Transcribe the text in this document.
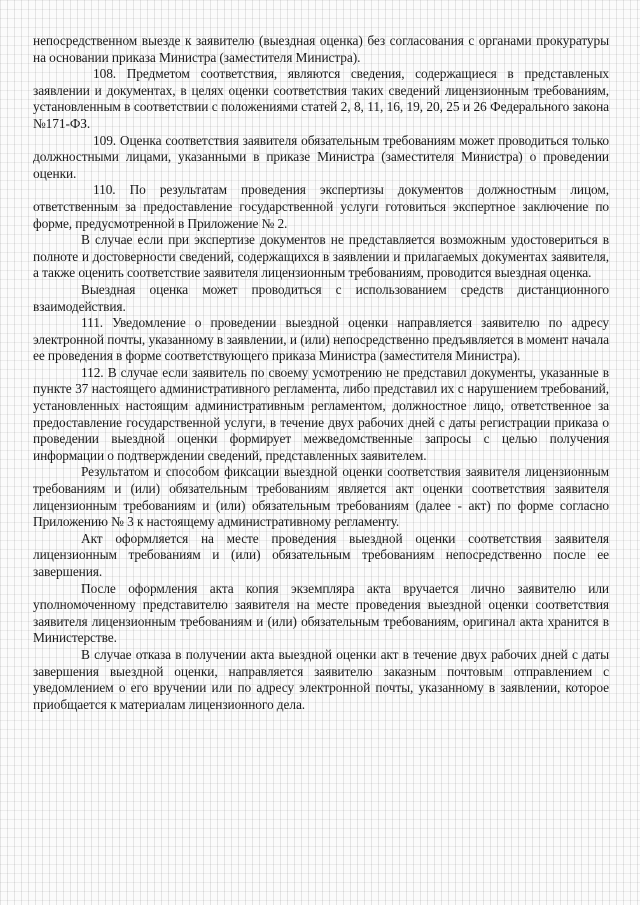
непосредственном выезде к заявителю (выездная оценка) без согласования с органами прокуратуры на основании приказа Министра (заместителя Министра).

108. Предметом соответствия, являются сведения, содержащиеся в представленых заявлении и документах, в целях оценки соответствия таких сведений лицензионным требованиям, установленным в соответствии с положениями статей 2, 8, 11, 16, 19, 20, 25 и 26 Федерального закона №171-ФЗ.

109. Оценка соответствия заявителя обязательным требованиям может проводиться только должностными лицами, указанными в приказе Министра (заместителя Министра) о проведении оценки.

110. По результатам проведения экспертизы документов должностным лицом, ответственным за предоставление государственной услуги готовиться экспертное заключение по форме, предусмотренной в Приложение № 2.

В случае если при экспертизе документов не представляется возможным удостовериться в полноте и достоверности сведений, содержащихся в заявлении и прилагаемых документах заявителя, а также оценить соответствие заявителя лицензионным требованиям, проводится выездная оценка.

Выездная оценка может проводиться с использованием средств дистанционного взаимодействия.

111. Уведомление о проведении выездной оценки направляется заявителю по адресу электронной почты, указанному в заявлении, и (или) непосредственно предъявляется в момент начала ее проведения в форме соответствующего приказа Министра (заместителя Министра).

112. В случае если заявитель по своему усмотрению не представил документы, указанные в пункте 37 настоящего административного регламента, либо представил их с нарушением требований, установленных настоящим административным регламентом, должностное лицо, ответственное за предоставление государственной услуги, в течение двух рабочих дней с даты регистрации приказа о проведении выездной оценки формирует межведомственные запросы с целью получения информации о подтверждении сведений, представленных заявителем.

Результатом и способом фиксации выездной оценки соответствия заявителя лицензионным требованиям и (или) обязательным требованиям является акт оценки соответствия заявителя лицензионным требованиям и (или) обязательным требованиям (далее - акт) по форме согласно Приложению № 3 к настоящему административному регламенту.

Акт оформляется на месте проведения выездной оценки соответствия заявителя лицензионным требованиям и (или) обязательным требованиям непосредственно после ее завершения.

После оформления акта копия экземпляра акта вручается лично заявителю или уполномоченному представителю заявителя на месте проведения выездной оценки соответствия заявителя лицензионным требованиям и (или) обязательным требованиям, оригинал акта хранится в Министерстве.

В случае отказа в получении акта выездной оценки акт в течение двух рабочих дней с даты завершения выездной оценки, направляется заявителю заказным почтовым отправлением с уведомлением о его вручении или по адресу электронной почты, указанному в заявлении, которое приобщается к материалам лицензионного дела.
